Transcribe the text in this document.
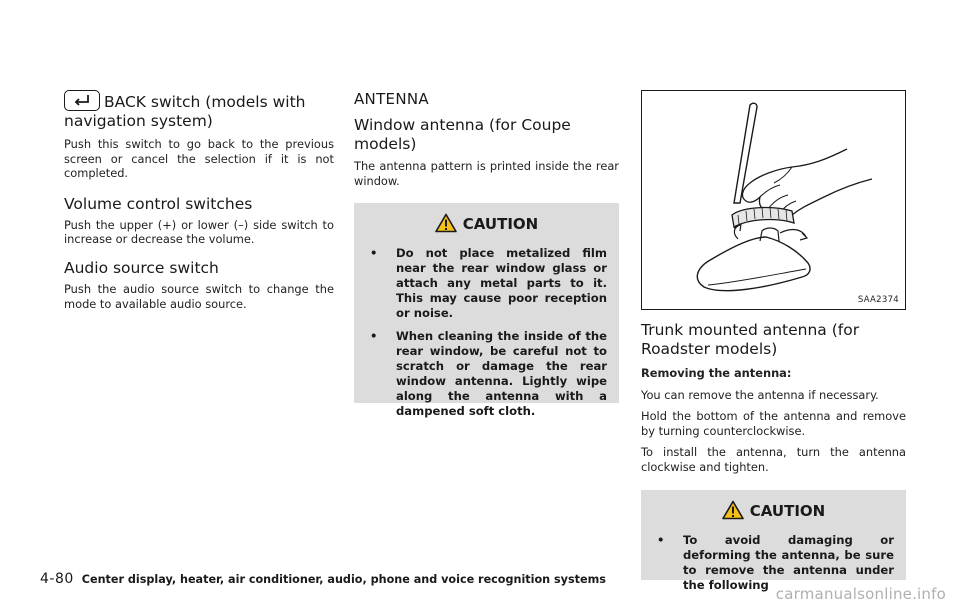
BACK switch (models with navigation system)

Push this switch to go back to the previous screen or cancel the selection if it is not completed.

Volume control switches

Push the upper (+) or lower (–) side switch to increase or decrease the volume.

Audio source switch

Push the audio source switch to change the mode to available audio source.

ANTENNA
Window antenna (for Coupe models)

The antenna pattern is printed inside the rear window.

CAUTION
• Do not place metalized film near the rear window glass or attach any metal parts to it. This may cause poor reception or noise.
• When cleaning the inside of the rear window, be careful not to scratch or damage the rear window antenna. Lightly wipe along the antenna with a dampened soft cloth.
SAA2374
Trunk mounted antenna (for Roadster models)

Removing the antenna:

You can remove the antenna if necessary.

Hold the bottom of the antenna and remove by turning counterclockwise.

To install the antenna, turn the antenna clockwise and tighten.

CAUTION
• To avoid damaging or deforming the antenna, be sure to remove the antenna under the following
4-80 Center display, heater, air conditioner, audio, phone and voice recognition systems
carmanualsonline.info
